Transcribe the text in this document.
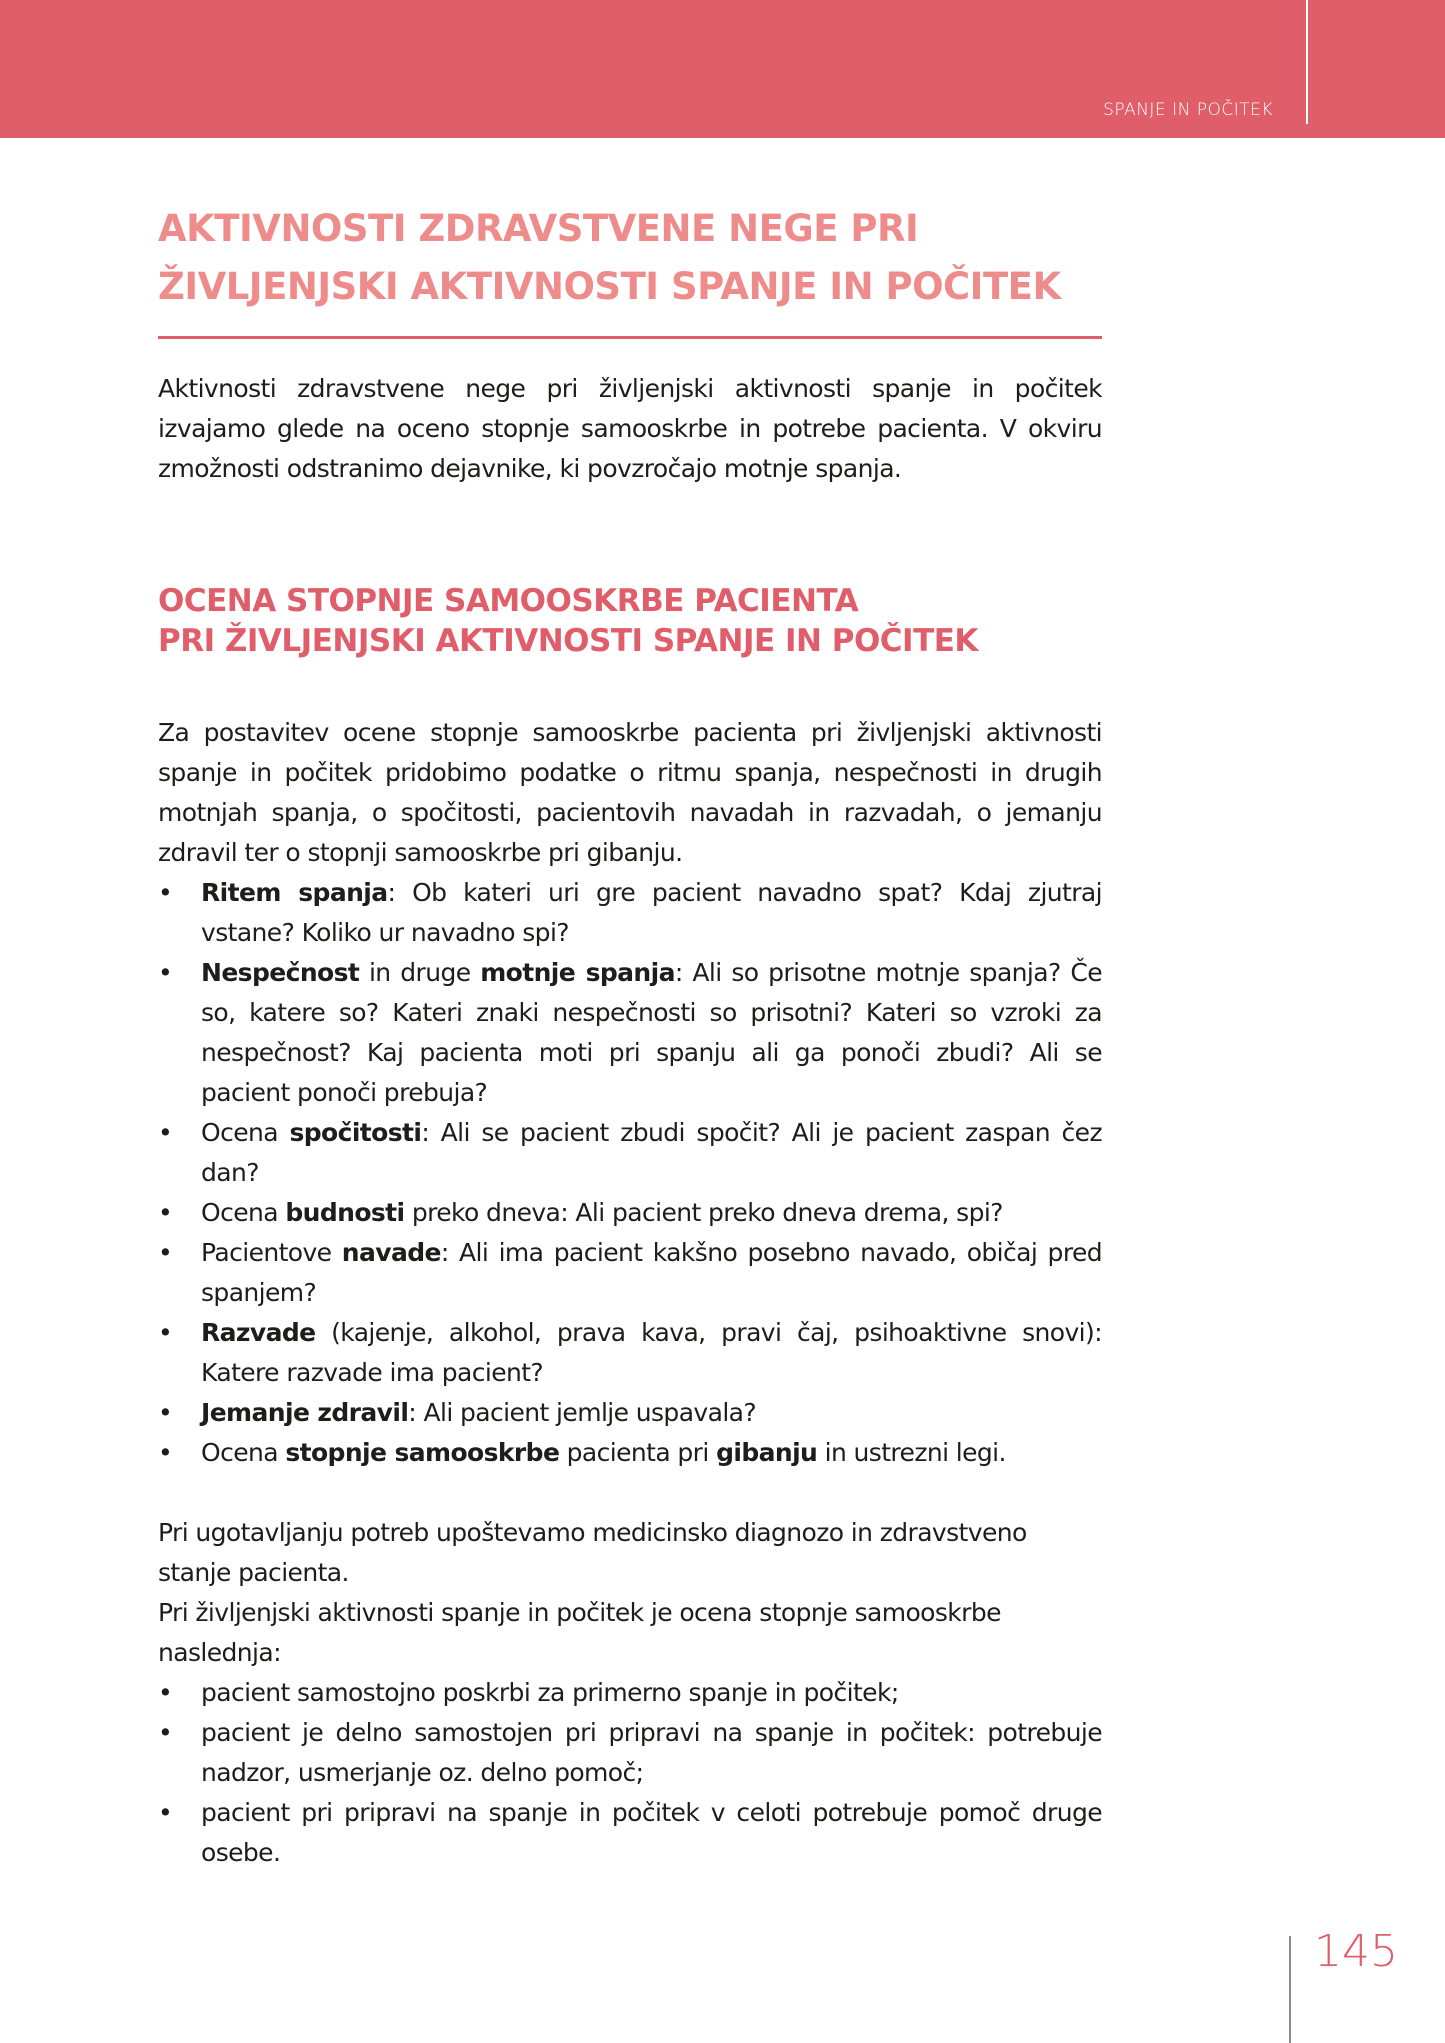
SPANJE IN POČITEK
AKTIVNOSTI ZDRAVSTVENE NEGE PRI
ŽIVLJENJSKI AKTIVNOSTI SPANJE IN POČITEK

Aktivnosti zdravstvene nege pri življenjski aktivnosti spanje in počitek izvajamo glede na oceno stopnje samooskrbe in potrebe pacienta. V okviru zmožnosti odstranimo dejavnike, ki povzročajo motnje spanja.

OCENA STOPNJE SAMOOSKRBE PACIENTA
PRI ŽIVLJENJSKI AKTIVNOSTI SPANJE IN POČITEK

Za postavitev ocene stopnje samooskrbe pacienta pri življenjski aktivnosti spanje in počitek pridobimo podatke o ritmu spanja, nespečnosti in drugih motnjah spanja, o spočitosti, pacientovih navadah in razvadah, o jemanju zdravil ter o stopnji samooskrbe pri gibanju.

• Ritem spanja: Ob kateri uri gre pacient navadno spat? Kdaj zjutraj vstane? Koliko ur navadno spi?
• Nespečnost in druge motnje spanja: Ali so prisotne motnje spanja? Če so, katere so? Kateri znaki nespečnosti so prisotni? Kateri so vzroki za nespečnost? Kaj pacienta moti pri spanju ali ga ponoči zbudi? Ali se pacient ponoči prebuja?
• Ocena spočitosti: Ali se pacient zbudi spočit? Ali je pacient zaspan čez dan?
• Ocena budnosti preko dneva: Ali pacient preko dneva drema, spi?
• Pacientove navade: Ali ima pacient kakšno posebno navado, običaj pred spanjem?
• Razvade (kajenje, alkohol, prava kava, pravi čaj, psihoaktivne snovi): Katere razvade ima pacient?
• Jemanje zdravil: Ali pacient jemlje uspavala?
• Ocena stopnje samooskrbe pacienta pri gibanju in ustrezni legi.

Pri ugotavljanju potreb upoštevamo medicinsko diagnozo in zdravstveno stanje pacienta.

Pri življenjski aktivnosti spanje in počitek je ocena stopnje samooskrbe naslednja:

• pacient samostojno poskrbi za primerno spanje in počitek;
• pacient je delno samostojen pri pripravi na spanje in počitek: potrebuje nadzor, usmerjanje oz. delno pomoč;
• pacient pri pripravi na spanje in počitek v celoti potrebuje pomoč druge osebe.
145
